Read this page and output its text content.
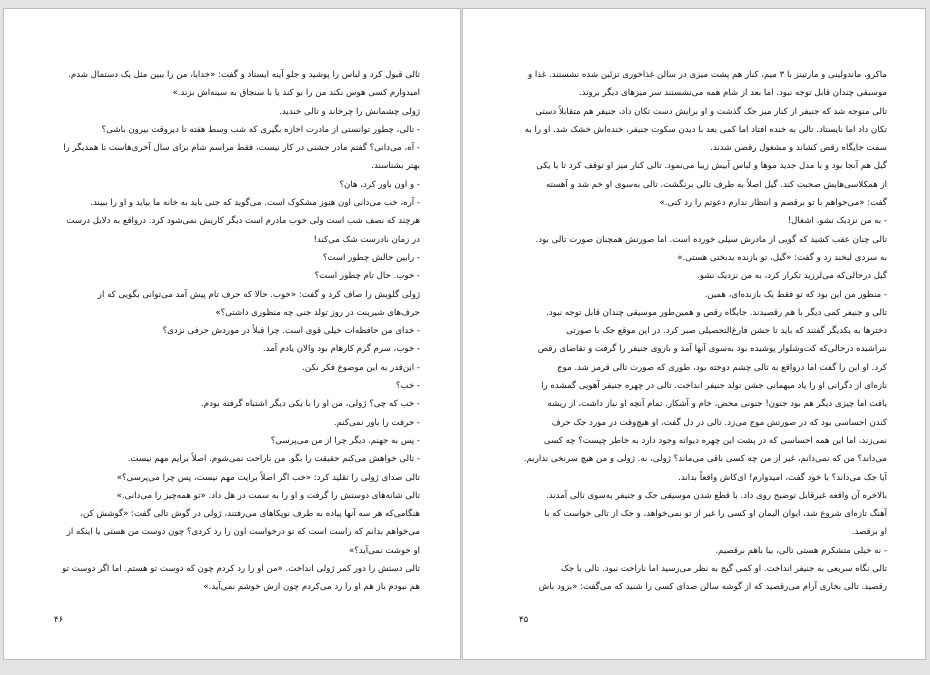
تالی قبول کرد و لباس را پوشید و جلو آینه ایستاد و گفت: «خدایا، من را ببین مثل یک دستمال شدم.
امیدوارم کسی هوس نکند من را بو کند یا با سنجاق به سینه‌اش بزند.»
ژولی چشمانش را چرخاند و تالی خندید.
- تالی، چطور توانستی از مادرت اجازه بگیری که شب وسط هفته تا دیروقت بیرون باشی؟
- آه، می‌دانی؟ گفتم مادر جشنی در کار نیست، فقط مراسم شام برای سال آخری‌هاست تا همدیگر را
بهتر بشناسند.
- و اون باور کرد، هان؟
- آره، خب می‌دانی اون هنوز مشکوک است. می‌گوید که جنی باید به خانه ما بیاید و او را ببیند.
هرچند که نصف شب است ولی خوب مادرم است دیگر کاریش نمی‌شود کرد. درواقع به دلایل درست
در زمان نادرست شک می‌کند!
- رابین حالش چطور است؟
- خوب. حال تام چطور است؟
ژولی گلویش را صاف کرد و گفت: «خوب. حالا که حرف تام پیش آمد می‌توانی بگویی که از
حرف‌های شیرینت در روز تولد جنی چه منظوری داشتی؟»
- خدای من حافظه‌ات خیلی قوی است. چرا قبلاً در موردش حرفی نزدی؟
- خوب، سرم گرم کارهام بود والان یادم آمد.
- این‌قدر به این موضوع فکر نکن.
- خب؟
- خب که چی؟ ژولی، من او را با یکی دیگر اشتباه گرفته بودم.
- حرفت را باور نمی‌کنم.
- پس به جهنم. دیگر چرا از من می‌پرسی؟
- تالی خواهش می‌کنم حقیقت را بگو. من ناراحت نمی‌شوم. اصلاً برایم مهم نیست.
تالی صدای ژولی را تقلید کرد: «خب اگر اصلاً برایت مهم نیست، پس چرا می‌پرسی؟»
تالی شانه‌های دوستش را گرفت و او را به سمت در هل داد. «تو همه‌چیز را می‌دانی.»
هنگامی‌که هر سه آنها پیاده به طرف نوپکاهای می‌رفتند، ژولی در گوش تالی گفت: «گوشش کن،
می‌خواهم بدانم که راست است که تو درخواست اون را رد کردی؟ چون دوست من هستی یا اینکه از
او خوشت نمی‌آید؟»
تالی دستش را دور کمر ژولی انداخت. «من او را رد کردم چون که دوست تو هستم. اما اگر دوست تو
هم نبودم باز هم او را رد می‌کردم چون ازش خوشم نمی‌آید.»
۴۶
ماکرو، ماندولینی و مارتینز با ۳ میم، کنار هم پشت میزی در سالن غذاخوری تزئین شده نشستند. غذا و
موسیقی چندان قابل توجه نبود. اما بعد از شام همه می‌نشستند سر میزهای دیگر بروند.
تالی متوجه شد که جنیفر از کنار میز جک گذشت و او برایش دست تکان داد، جنیفر هم متقابلاً دستی
تکان داد اما نایستاد. تالی به خنده افتاد اما کمی بعد با دیدن سکوت جنیفر، خنده‌اش خشک شد. او را به
سمت جایگاه رقص کشاند و مشغول رقصن شدند.
گیل هم آنجا بود و با مدل جدید موها و لباس آبیش زیبا می‌نمود. تالی کنار میز او توقف کرد تا با یکی
از همکلاسی‌هایش صحبت کند. گیل اصلاً به طرف تالی برنگشت. تالی به‌سوی او خم شد و آهسته
گفت: «می‌خواهم با تو برقصم و انتظار ندارم دعوتم را رد کنی.»
- به من نزدیک نشو، اشغال!
تالی چنان عقب کشید که گویی از مادرش سیلی خورده است. اما صورتش همچنان صورت تالی بود.
به سردی لبخند زد و گفت: «گیل، تو بازنده بدبختی هستی.»
گیل درحالی‌که می‌لرزید تکرار کرد، به من نزدیک نشو.
- منظور من این بود که تو فقط یک بازنده‌ای، همین.
تالی و جنیفر کمی دیگر با هم رقصیدند. جایگاه رقص و همین‌طور موسیقی چندان قابل توجه نبود.
دخترها به یکدیگر گفتند که باید تا جشن فارغ‌التحصیلی صبر کرد. در این موقع جک با صورتی
نتراشیده درحالی‌که کت‌وشلوار پوشیده بود به‌سوی آنها آمد و بازوی جنیفر را گرفت و تقاضای رقص
کرد. او این را گفت اما درواقع به تالی چشم دوخته بود، طوری که صورت تالی قرمز شد. موج
نازه‌ای از دگرانی او را یاد میهمانی جشن تولد جنیفر انداخت. تالی در چهره جنیفر آهویی گمشده را
یافت اما چیزی دیگر هم بود جنون! جنونی محض، خام و آشکار. تمام آنچه او نیاز داشت، از ریشه
کندن احساسی بود که در صورتش موج می‌زد. تالی در دل گفت، او هیچ‌وقت در مورد جک حرف
نمی‌زند، اما این همه احساسی که در پشت این چهره دیوانه وجود دارد به خاطر چیست؟ چه کسی
می‌داند؟ من که نمی‌دانم، غیر از من چه کسی باقی می‌ماند؟ ژولی، نه. ژولی و من هیچ سرنخی نداریم.
آیا جک می‌داند؟ با خود گفت، امیدوارم! ای‌کاش واقعاً بداند.
بالاخره آن واقعه غیرقابل توضیح روی داد. با قطع شدن موسیقی جک و جنیفر به‌سوی تالی آمدند.
آهنگ تازه‌ای شروع شد، ایوان الیمان او کسی را غیر از تو نمی‌خواهد، و جک از تالی خواست که با
او برقصد.
- نه خیلی متشکرم هستی تالی، بیا باهم برقصیم.
تالی نگاه سریعی به جنیفر انداخت. او کمی گیج به نظر می‌رسید اما ناراحت نبود. تالی با جک
رقصید. تالی بخاری آرام می‌رقصید که از گوشه سالن صدای کسی را شنید که می‌گفت: «بزود باش
۴۵
